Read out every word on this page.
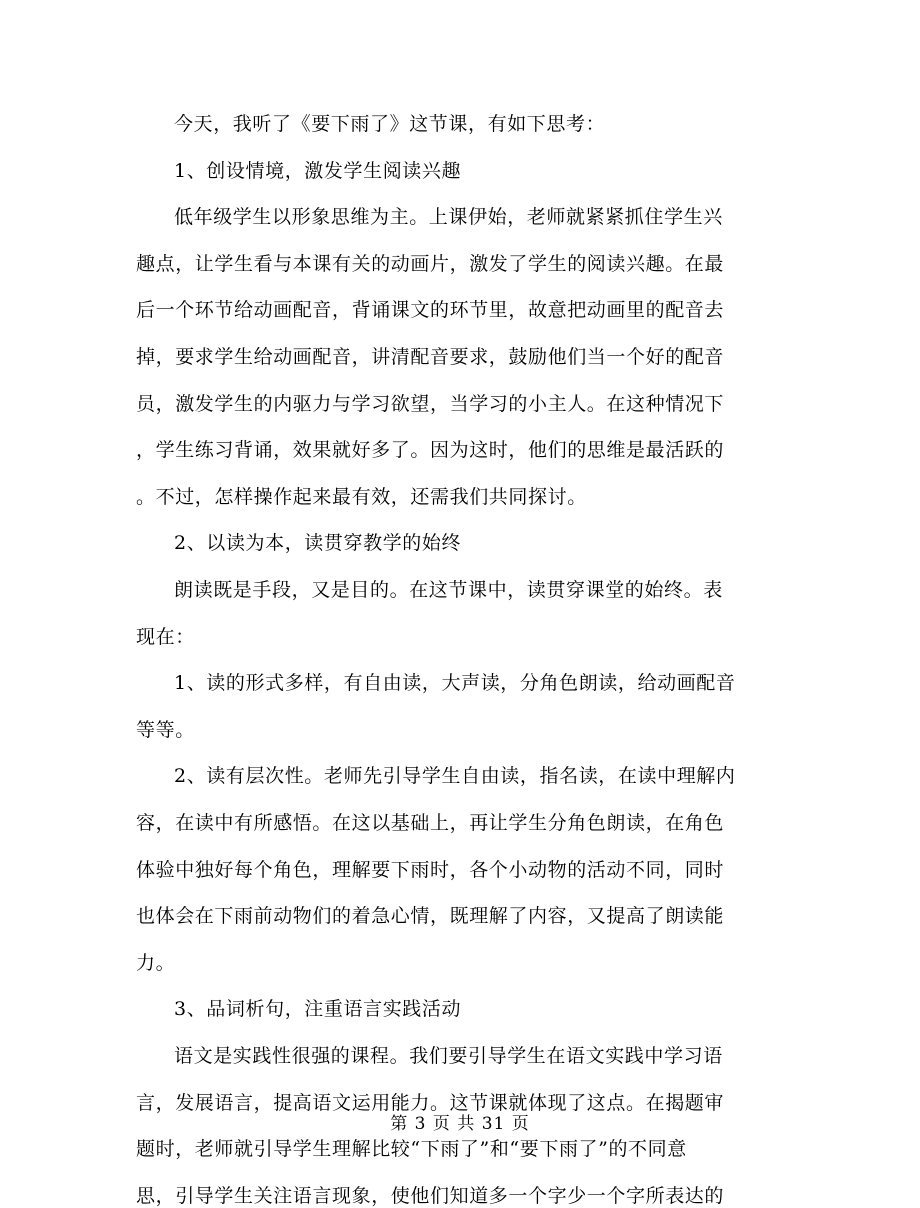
今天，我听了《要下雨了》这节课，有如下思考：
1、创设情境，激发学生阅读兴趣
低年级学生以形象思维为主。上课伊始，老师就紧紧抓住学生兴
趣点，让学生看与本课有关的动画片，激发了学生的阅读兴趣。在最
后一个环节给动画配音，背诵课文的环节里，故意把动画里的配音去
掉，要求学生给动画配音，讲清配音要求，鼓励他们当一个好的配音
员，激发学生的内驱力与学习欲望，当学习的小主人。在这种情况下
，学生练习背诵，效果就好多了。因为这时，他们的思维是最活跃的
。不过，怎样操作起来最有效，还需我们共同探讨。
2、以读为本，读贯穿教学的始终
朗读既是手段，又是目的。在这节课中，读贯穿课堂的始终。表
现在：
1、读的形式多样，有自由读，大声读，分角色朗读，给动画配音
等等。
2、读有层次性。老师先引导学生自由读，指名读，在读中理解内
容，在读中有所感悟。在这以基础上，再让学生分角色朗读，在角色
体验中独好每个角色，理解要下雨时，各个小动物的活动不同，同时
也体会在下雨前动物们的着急心情，既理解了内容，又提高了朗读能
力。
3、品词析句，注重语言实践活动
语文是实践性很强的课程。我们要引导学生在语文实践中学习语
言，发展语言，提高语文运用能力。这节课就体现了这点。在揭题审
题时，老师就引导学生理解比较“下雨了”和“要下雨了”的不同意
思，引导学生关注语言现象，使他们知道多一个字少一个字所表达的
第 3 页 共 31 页
